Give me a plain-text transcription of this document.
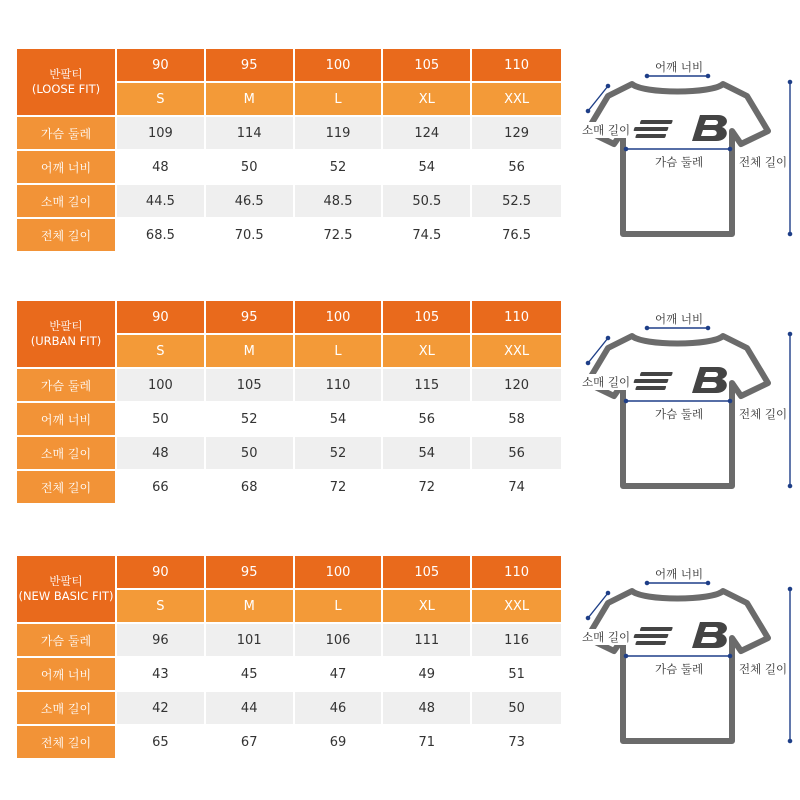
반팔티
(LOOSE FIT)	90	95	100	105	110
	S	M	L	XL	XXL
가슴 둘레	109	114	119	124	129
어깨 너비	48	50	52	54	56
소매 길이	44.5	46.5	48.5	50.5	52.5
전체 길이	68.5	70.5	72.5	74.5	76.5
어깨 너비
소매 길이
가슴 둘레	전체 길이
반팔티
(URBAN FIT)	90	95	100	105	110
	S	M	L	XL	XXL
가슴 둘레	100	105	110	115	120
어깨 너비	50	52	54	56	58
소매 길이	48	50	52	54	56
전체 길이	66	68	72	72	74
어깨 너비
소매 길이
가슴 둘레	전체 길이
반팔티
(NEW BASIC FIT)	90	95	100	105	110
	S	M	L	XL	XXL
가슴 둘레	96	101	106	111	116
어깨 너비	43	45	47	49	51
소매 길이	42	44	46	48	50
전체 길이	65	67	69	71	73
어깨 너비
소매 길이
가슴 둘레	전체 길이
